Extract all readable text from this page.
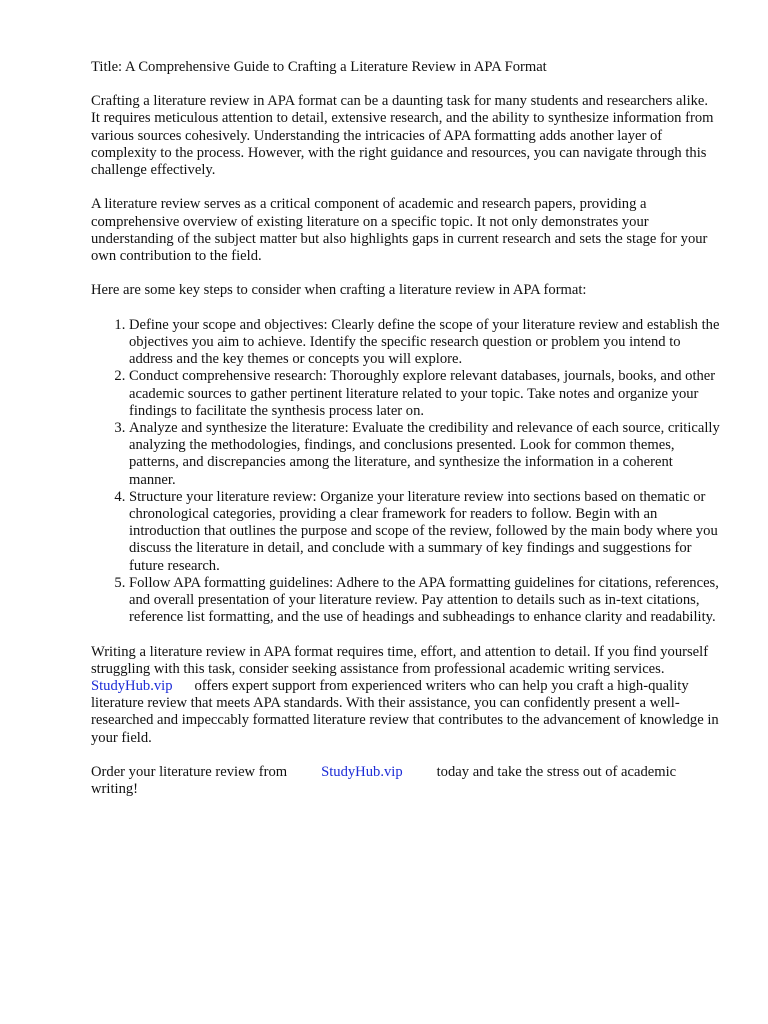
Title: A Comprehensive Guide to Crafting a Literature Review in APA Format

Crafting a literature review in APA format can be a daunting task for many students and researchers alike. It requires meticulous attention to detail, extensive research, and the ability to synthesize information from various sources cohesively. Understanding the intricacies of APA formatting adds another layer of complexity to the process. However, with the right guidance and resources, you can navigate through this challenge effectively.

A literature review serves as a critical component of academic and research papers, providing a comprehensive overview of existing literature on a specific topic. It not only demonstrates your understanding of the subject matter but also highlights gaps in current research and sets the stage for your own contribution to the field.

Here are some key steps to consider when crafting a literature review in APA format:

1. Define your scope and objectives: Clearly define the scope of your literature review and establish the objectives you aim to achieve. Identify the specific research question or problem you intend to address and the key themes or concepts you will explore.
2. Conduct comprehensive research: Thoroughly explore relevant databases, journals, books, and other academic sources to gather pertinent literature related to your topic. Take notes and organize your findings to facilitate the synthesis process later on.
3. Analyze and synthesize the literature: Evaluate the credibility and relevance of each source, critically analyzing the methodologies, findings, and conclusions presented. Look for common themes, patterns, and discrepancies among the literature, and synthesize the information in a coherent manner.
4. Structure your literature review: Organize your literature review into sections based on thematic or chronological categories, providing a clear framework for readers to follow. Begin with an introduction that outlines the purpose and scope of the review, followed by the main body where you discuss the literature in detail, and conclude with a summary of key findings and suggestions for future research.
5. Follow APA formatting guidelines: Adhere to the APA formatting guidelines for citations, references, and overall presentation of your literature review. Pay attention to details such as in-text citations, reference list formatting, and the use of headings and subheadings to enhance clarity and readability.

Writing a literature review in APA format requires time, effort, and attention to detail. If you find yourself struggling with this task, consider seeking assistance from professional academic writing services.StudyHub.vip offers expert support from experienced writers who can help you craft a high-quality literature review that meets APA standards. With their assistance, you can confidently present a well-researched and impeccably formatted literature review that contributes to the advancement of knowledge in your field.

Order your literature review from StudyHub.vip today and take the stress out of academic writing!
